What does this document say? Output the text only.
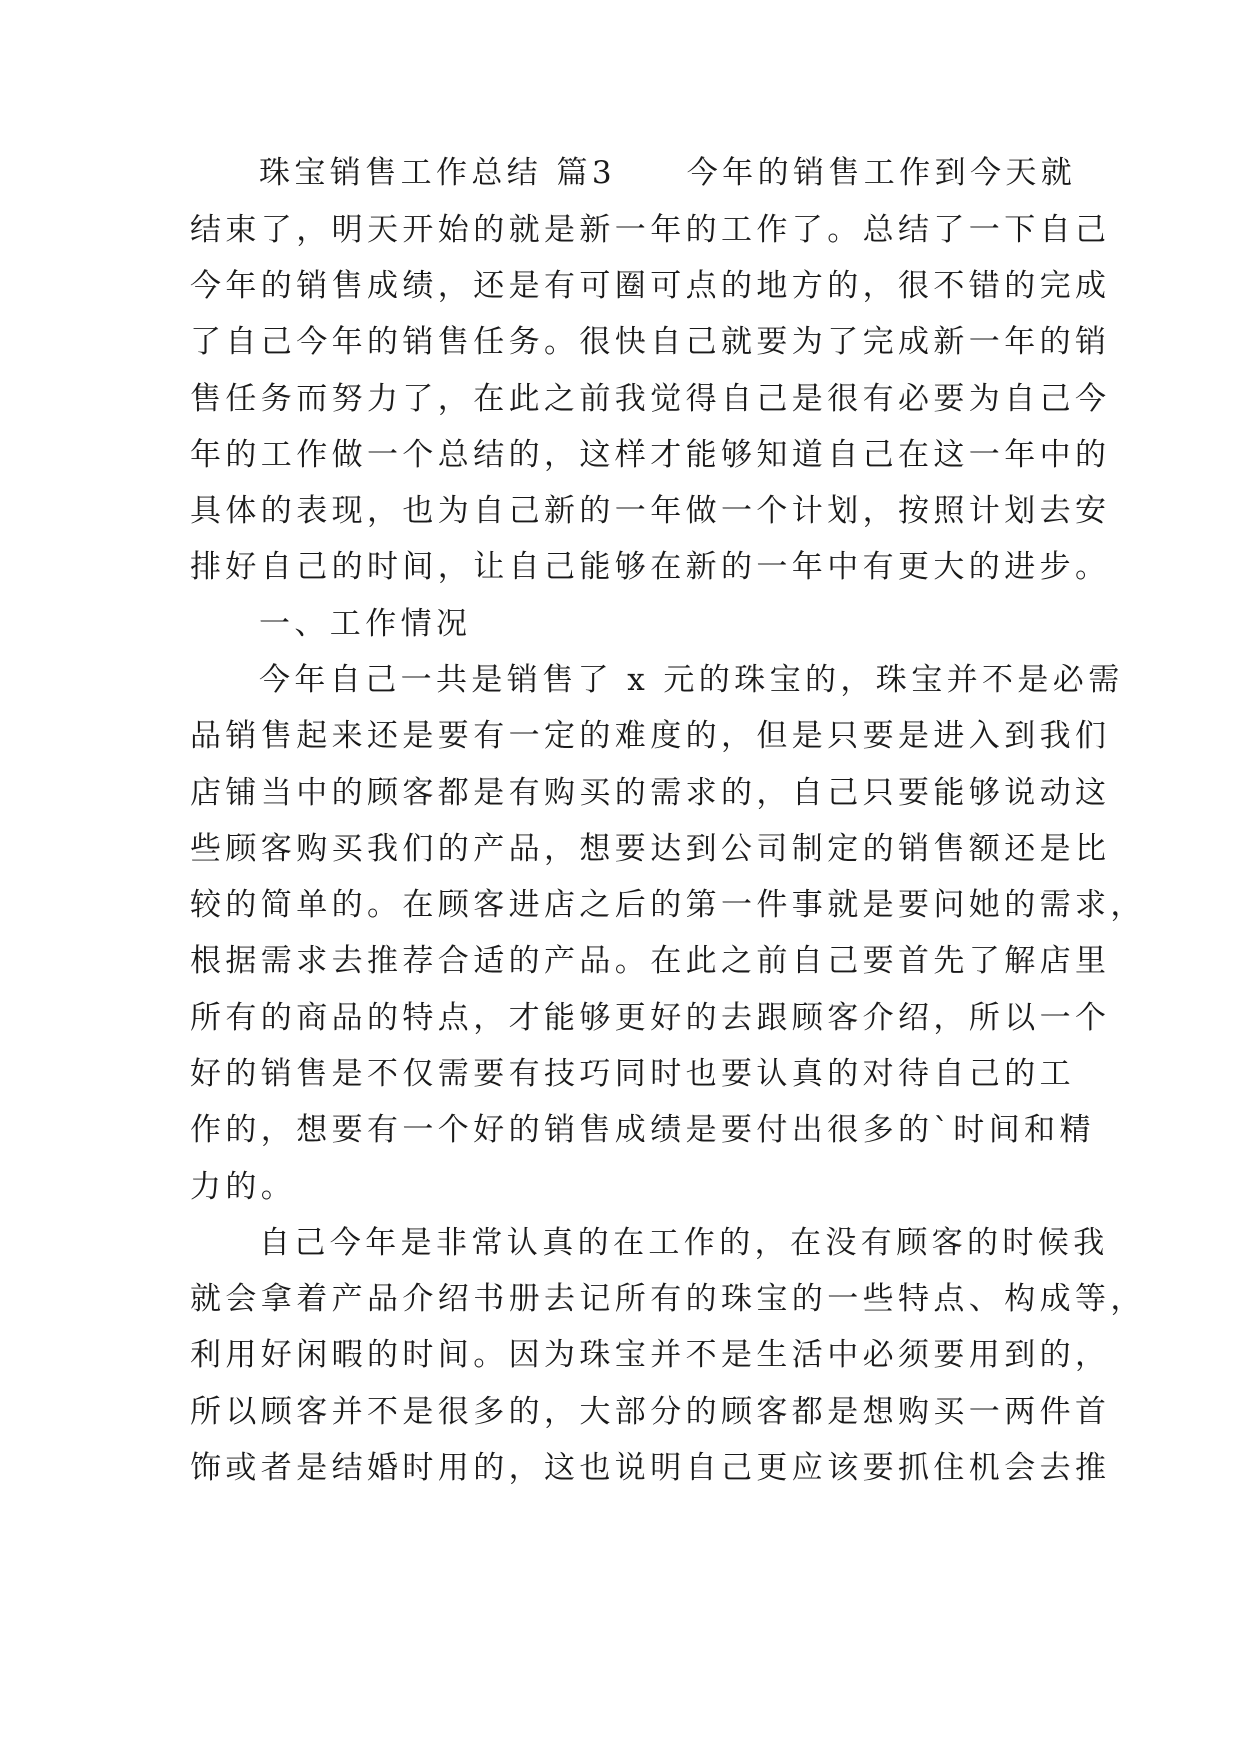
珠宝销售工作总结 篇3　　今年的销售工作到今天就
结束了，明天开始的就是新一年的工作了。总结了一下自己
今年的销售成绩，还是有可圈可点的地方的，很不错的完成
了自己今年的销售任务。很快自己就要为了完成新一年的销
售任务而努力了，在此之前我觉得自己是很有必要为自己今
年的工作做一个总结的，这样才能够知道自己在这一年中的
具体的表现，也为自己新的一年做一个计划，按照计划去安
排好自己的时间，让自己能够在新的一年中有更大的进步。
一、工作情况
今年自己一共是销售了 x 元的珠宝的，珠宝并不是必需
品销售起来还是要有一定的难度的，但是只要是进入到我们
店铺当中的顾客都是有购买的需求的，自己只要能够说动这
些顾客购买我们的产品，想要达到公司制定的销售额还是比
较的简单的。在顾客进店之后的第一件事就是要问她的需求，
根据需求去推荐合适的产品。在此之前自己要首先了解店里
所有的商品的特点，才能够更好的去跟顾客介绍，所以一个
好的销售是不仅需要有技巧同时也要认真的对待自己的工
作的，想要有一个好的销售成绩是要付出很多的`时间和精
力的。
自己今年是非常认真的在工作的，在没有顾客的时候我
就会拿着产品介绍书册去记所有的珠宝的一些特点、构成等，
利用好闲暇的时间。因为珠宝并不是生活中必须要用到的，
所以顾客并不是很多的，大部分的顾客都是想购买一两件首
饰或者是结婚时用的，这也说明自己更应该要抓住机会去推
